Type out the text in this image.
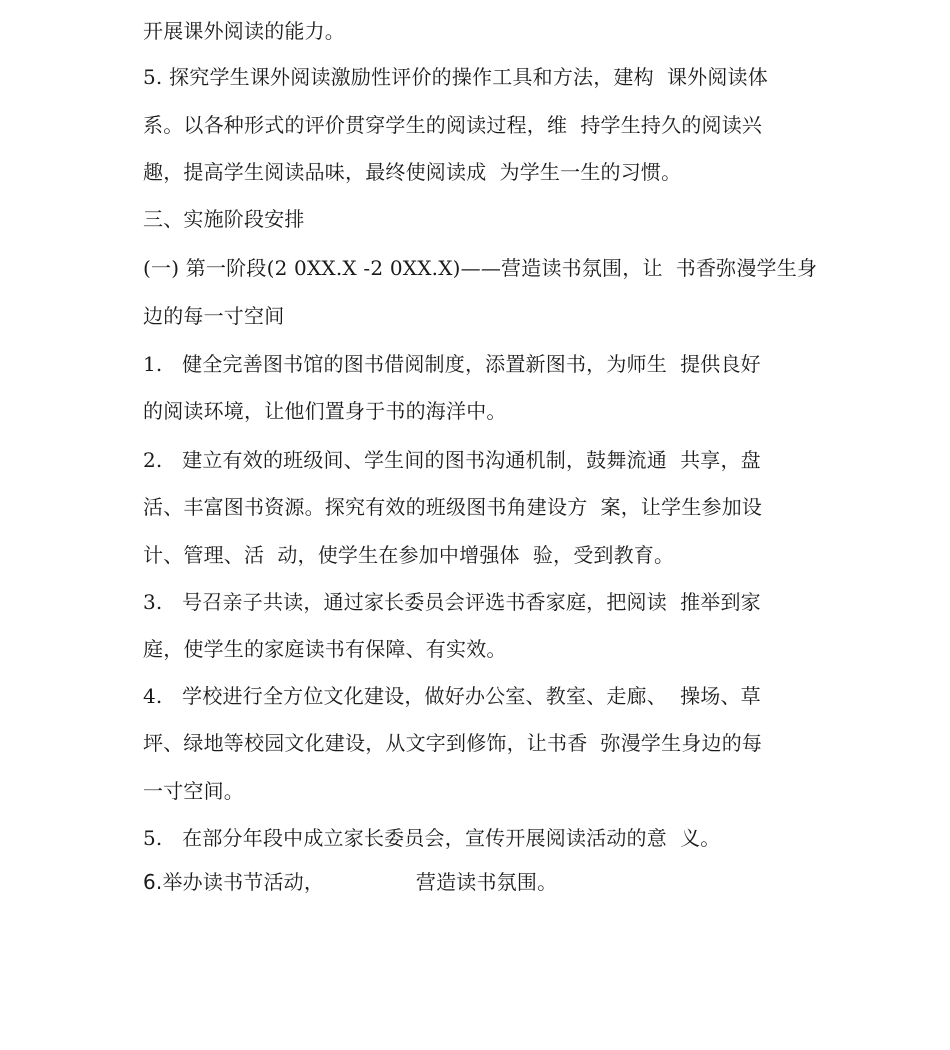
开展课外阅读的能力。
5. 探究学生课外阅读激励性评价的操作工具和方法，建构  课外阅读体
系。以各种形式的评价贯穿学生的阅读过程，维  持学生持久的阅读兴
趣，提高学生阅读品味，最终使阅读成  为学生一生的习惯。
三、实施阶段安排
(一) 第一阶段(2 0XX.X -2 0XX.X)——营造读书氛围，让  书香弥漫学生身
边的每一寸空间
1.   健全完善图书馆的图书借阅制度，添置新图书，为师生  提供良好
的阅读环境，让他们置身于书的海洋中。
2.   建立有效的班级间、学生间的图书沟通机制，鼓舞流通  共享，盘
活、丰富图书资源。探究有效的班级图书角建设方  案，让学生参加设
计、管理、活  动，使学生在参加中增强体  验，受到教育。
3.   号召亲子共读，通过家长委员会评选书香家庭，把阅读  推举到家
庭，使学生的家庭读书有保障、有实效。
4.   学校进行全方位文化建设，做好办公室、教室、走廊、  操场、草
坪、绿地等校园文化建设，从文字到修饰，让书香  弥漫学生身边的每
一寸空间。
5.   在部分年段中成立家长委员会，宣传开展阅读活动的意  义。
6.举办读书节活动，              营造读书氛围。
